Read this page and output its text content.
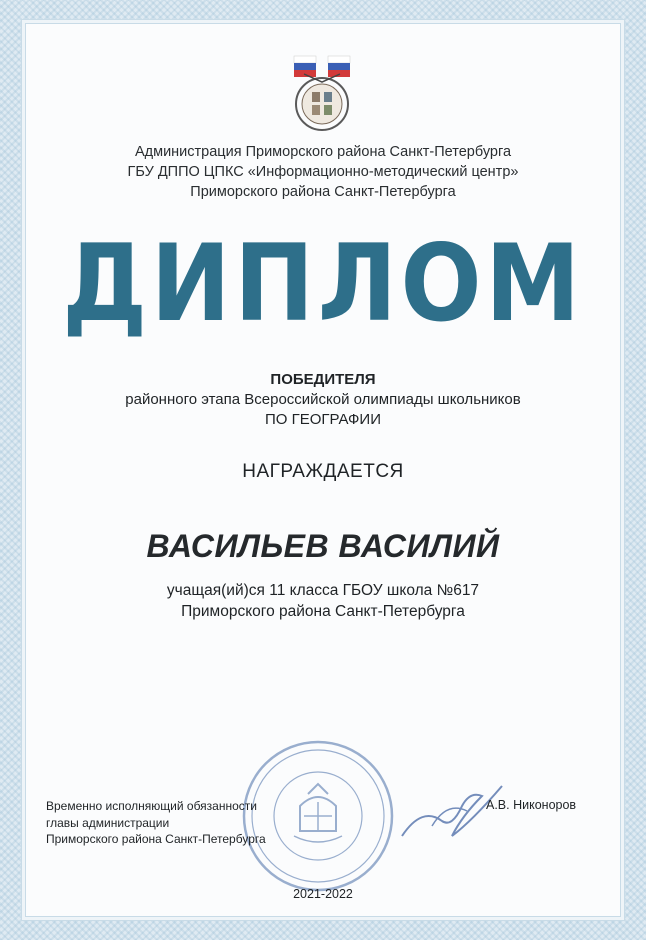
Администрация Приморского района Санкт-Петербурга
ГБУ ДППО ЦПКС «Информационно-методический центр»
Приморского района Санкт-Петербурга
ДИПЛОМ
ПОБЕДИТЕЛЯ
районного этапа Всероссийской олимпиады школьников
ПО ГЕОГРАФИИ
НАГРАЖДАЕТСЯ
ВАСИЛЬЕВ ВАСИЛИЙ
учащая(ий)ся 11 класса ГБОУ школа №617
Приморского района Санкт-Петербурга
Временно исполняющий обязанности
главы администрации
Приморского района Санкт-Петербурга
А.В. Никоноров
2021-2022
